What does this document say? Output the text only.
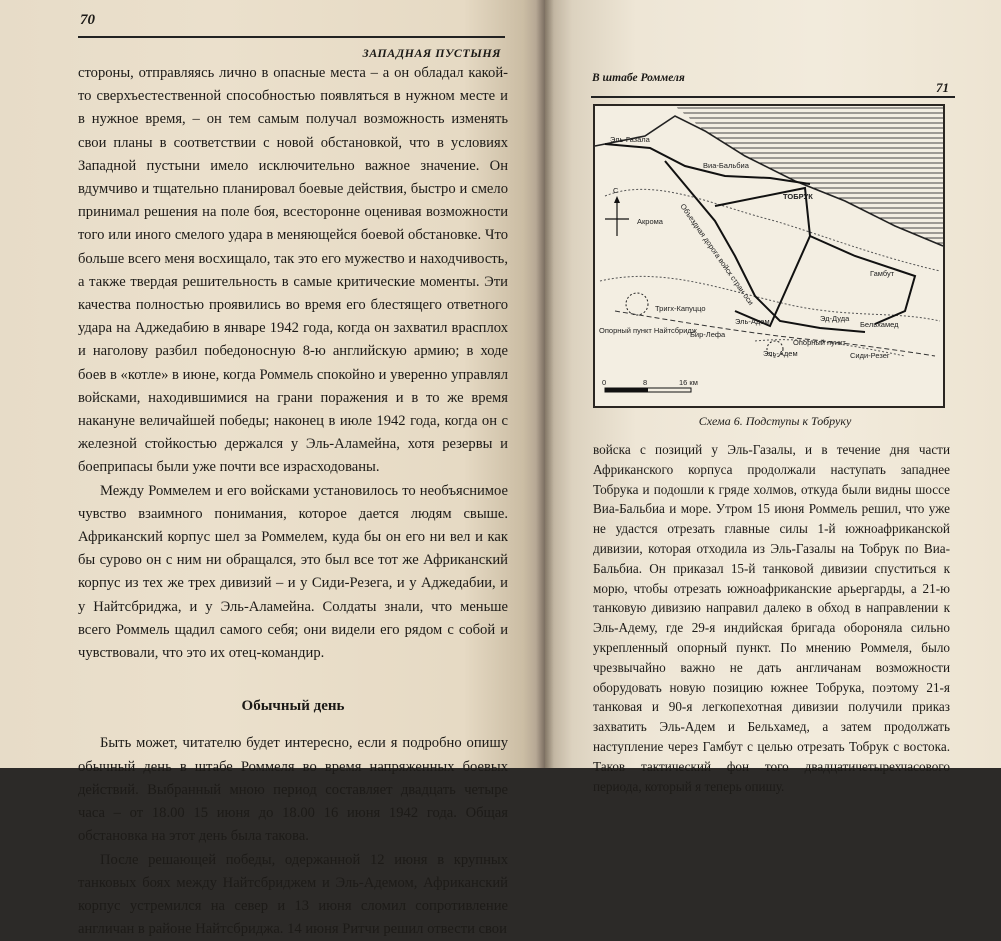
70
ЗАПАДНАЯ ПУСТЫНЯ

стороны, отправляясь лично в опасные места – а он обладал какой-то сверхъестественной способностью появляться в нужном месте и в нужное время, – он тем самым получал возможность изменять свои планы в соответствии с новой обстановкой, что в условиях Западной пустыни имело исключительно важное значение. Он вдумчиво и тщательно планировал боевые действия, быстро и смело принимал решения на поле боя, всесторонне оценивая возможности того или иного смелого удара в меняющейся боевой обстановке. Что больше всего меня восхищало, так это его мужество и находчивость, а также твердая решительность в самые критические моменты. Эти качества полностью проявились во время его блестящего ответного удара на Аджедабию в январе 1942 года, когда он захватил врасплох и наголову разбил победоносную 8-ю английскую армию; в ходе боев в «котле» в июне, когда Роммель спокойно и уверенно управлял войсками, находившимися на грани поражения и в то же время накануне величайшей победы; наконец в июле 1942 года, когда он с железной стойкостью держался у Эль-Аламейна, хотя резервы и боеприпасы были уже почти все израсходованы.

Между Роммелем и его войсками установилось то необъяснимое чувство взаимного понимания, которое дается людям свыше. Африканский корпус шел за Роммелем, куда бы он его ни вел и как бы сурово он с ним ни обращался, это был все тот же Африканский корпус из тех же трех дивизий – и у Сиди-Резега, и у Аджедабии, и у Найтсбриджа, и у Эль-Аламейна. Солдаты знали, что меньше всего Роммель щадил самого себя; они видели его рядом с собой и чувствовали, что это их отец-командир.

Обычный день

Быть может, читателю будет интересно, если я подробно опишу обычный день в штабе Роммеля во время напряженных боевых действий. Выбранный мною период составляет двадцать четыре часа – от 18.00 15 июня до 18.00 16 июня 1942 года. Общая обстановка на этот день была такова.

После решающей победы, одержанной 12 июня в крупных танковых боях между Найтсбриджем и Эль-Адемом, Африканский корпус устремился на север и 13 июня сломил сопротивление англичан в районе Найтсбриджа. 14 июня Ритчи решил отвести свои

В штабе Роммеля
71
Эль-Газала
Виа-Бальбиа
ТОБРУК
С
Акрома Объездная дорога войск стран оси	Гамбут
Тригх-Капуццо
Эль-Адем	Эд-Дуда
Бельхамед
Опорный пункт Найтсбридж
Бир-Лефа
Опорный пункт
Эль-Адем	Сиди-Резег
0	8	16 км
Схема 6. Подступы к Тобруку

войска с позиций у Эль-Газалы, и в течение дня части Африканского корпуса продолжали наступать западнее Тобрука и подошли к гряде холмов, откуда были видны шоссе Виа-Бальбиа и море. Утром 15 июня Роммель решил, что уже не удастся отрезать главные силы 1-й южноафриканской дивизии, которая отходила из Эль-Газалы на Тобрук по Виа-Бальбиа. Он приказал 15-й танковой дивизии спуститься к морю, чтобы отрезать южноафриканские арьергарды, а 21-ю танковую дивизию направил далеко в обход в направлении к Эль-Адему, где 29-я индийская бригада обороняла сильно укрепленный опорный пункт. По мнению Роммеля, было чрезвычайно важно не дать англичанам возможности оборудовать новую позицию южнее Тобрука, поэтому 21-я танковая и 90-я легкопехотная дивизии получили приказ захватить Эль-Адем и Бельхамед, а затем продолжать наступление через Гамбут с целью отрезать Тобрук с востока. Таков тактический фон того двадцатичетырехчасового периода, который я теперь опишу.
